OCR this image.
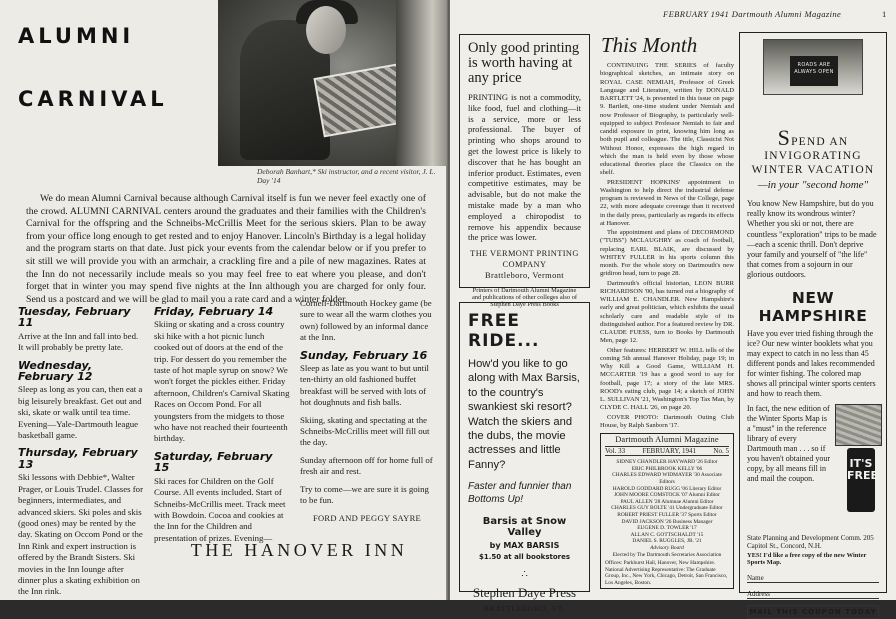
ALUMNI
CARNIVAL
Deborah Banhart,* Ski instructor, and a recent visitor, J. L. Day '14

We do mean Alumni Carnival because although Carnival itself is fun we never feel exactly one of the crowd. ALUMNI CARNIVAL centers around the graduates and their families with the Children's Carnival for the offspring and the Schneibs-McCrillis Meet for the serious skiers. Plan to be away from your office long enough to get rested and to enjoy Hanover. Lincoln's Birthday is a legal holiday and the program starts on that date. Just pick your events from the calendar below or if you prefer to sit still we will provide you with an armchair, a crackling fire and a pile of new magazines. Rates at the Inn do not necessarily include meals so you may feel free to eat where you please, and don't forget that in winter you may spend five nights at the Inn although you are charged for only four. Send us a postcard and we will be glad to mail you a rate card and a winter folder.

Tuesday, February 11

Arrive at the Inn and fall into bed. It will probably be pretty late.

Wednesday, February 12

Sleep as long as you can, then eat a big leisurely breakfast. Get out and ski, skate or walk until tea time. Evening—Yale-Dartmouth league basketball game.

Thursday, February 13

Ski lessons with Debbie*, Walter Prager, or Louis Trudel. Classes for beginners, intermediates, and advanced skiers. Ski poles and skis (good ones) may be rented by the day. Skating on Occom Pond or the Inn Rink and expert instruction is offered by the Brandt Sisters. Ski movies in the Inn lounge after dinner plus a skating exhibition on the Inn rink.

Friday, February 14

Skiing or skating and a cross country ski hike with a hot picnic lunch cooked out of doors at the end of the trip. For dessert do you remember the taste of hot maple syrup on snow? We won't forget the pickles either. Friday afternoon, Children's Carnival Skating Races on Occom Pond. For all youngsters from the midgets to those who have not reached their fourteenth birthday.

Saturday, February 15

Ski races for Children on the Golf Course. All events included. Start of Schneibs-McCrillis meet. Track meet with Bowdoin. Cocoa and cookies at the Inn for the Children and presentation of prizes. Evening—

Cornell-Dartmouth Hockey game (be sure to wear all the warm clothes you own) followed by an informal dance at the Inn.

Sunday, February 16

Sleep as late as you want to but until ten-thirty an old fashioned buffet breakfast will be served with lots of hot doughnuts and fish balls.

Skiing, skating and spectating at the Schneibs-McCrillis meet will fill out the day.

Sunday afternoon off for home full of fresh air and rest.

Try to come—we are sure it is going to be fun.

FORD AND PEGGY SAYRE
THE HANOVER INN
FEBRUARY 1941 Dartmouth Alumni Magazine	1
Only good printing is worth having at any price
PRINTING is not a commodity, like food, fuel and clothing—it is a service, more or less professional. The buyer of printing who shops around to get the lowest price is likely to discover that he has bought an inferior product. Estimates, even competitive estimates, may be advisable, but do not make the mistake made by a man who employed a chiropodist to remove his appendix because the price was lower.
THE VERMONT PRINTING COMPANY
Brattleboro, Vermont
Printers of Dartmouth Alumni Magazine and publications of other colleges also of Stephen Daye Press Books
FREE RIDE...
How'd you like to go along with Max Barsis, to the country's swankiest ski resort? Watch the skiers and the dubs, the movie actresses and little Fanny?
Faster and funnier than Bottoms Up!
Barsis at Snow Valley
by MAX BARSIS
$1.50 at all bookstores
∴
Stephen Daye Press
BRATTLEBORO, VT.
This Month

CONTINUING THE SERIES of faculty biographical sketches, an intimate story on ROYAL CASE NEMIAH, Professor of Greek Language and Literature, written by DONALD BARTLETT '24, is presented in this issue on page 9. Bartlett, one-time student under Nemiah and now Professor of Biography, is particularly well-equipped to subject Professor Nemiah to fair and candid exposure in print, knowing him long as both pupil and colleague. The title, Classicist Not Without Honor, expresses the high regard in which the man is held even by those whose educational theories place the Classics on the shelf.

PRESIDENT HOPKINS' appointment to Washington to help direct the industrial defense program is reviewed in News of the College, page 22, with more adequate coverage than it received in the daily press, particularly as regards its effects at Hanover.

The appointment and plans of DECORMOND ("TUBS") MCLAUGHRY as coach of football, replacing EARL BLAIK, are discussed by WHITEY FULLER in his sports column this month. For the whole story on Dartmouth's new gridiron head, turn to page 28.

Dartmouth's official historian, LEON BURR RICHARDSON '00, has turned out a biography of WILLIAM E. CHANDLER. New Hampshire's early and great politician, which exhibits the usual scholarly care and readable style of its distinguished author. For a featured review by DR. CLAUDE FUESS, turn to Books by Dartmouth Men, page 12.

Other features: HERBERT W. HILL tells of the coming 5th annual Hanover Holiday, page 19; in Why Kill a Good Game, WILLIAM H. MCCARTER '19 has a good word to say for football, page 17; a story of the late MRS. ROOD's eating club, page 14; a sketch of JOHN L. SULLIVAN '21, Washington's Top Tax Man, by CLYDE C. HALL '26, on page 20.

COVER PHOTO: Dartmouth Outing Club House, by Ralph Sanborn '17.

Dartmouth Alumni Magazine
Vol. 33 FEBRUARY, 1941 No. 5
SIDNEY CHANDLER HAYWARD '26 Editor
ERIC PHILBROOK KELLY '06
CHARLES EDWARD WIDMAYER '30 Associate Editors
HAROLD GODDARD RUGG '06 Literary Editor
JOHN MOORE COMSTOCK '07 Alumni Editor
PAUL ALLEN '28 Alumnae Alumni Editor
CHARLES GUY BOLTE '41 Undergraduate Editor
ROBERT PRIEST FULLER '37 Sports Editor
DAVID JACKSON '26 Business Manager
EUGENE D. TOWLER '17
ALLAN C. GOTTSCHALDT '15
DANIEL S. RUGGLES, JR. '21
Advisory Board
Elected by The Dartmouth Secretaries Association
Offices: Parkhurst Hall, Hanover, New Hampshire. National Advertising Representative: The Graduate Group, Inc., New York, Chicago, Detroit, San Francisco, Los Angeles, Boston.
ROADS ARE ALWAYS OPEN
SPEND AN INVIGORATING WINTER VACATION
—in your "second home"
You know New Hampshire, but do you really know its wondrous winter? Whether you ski or not, there are countless "exploration" trips to be made—each a scenic thrill. Don't deprive your family and yourself of "the life" that comes from a sojourn in our glorious outdoors.
NEW HAMPSHIRE
Have you ever tried fishing through the ice? Our new winter booklets what you may expect to catch in no less than 45 different ponds and lakes recommended for winter fishing. The colored map shows all principal winter sports centers and how to reach them.
In fact, the new edition of the Winter Sports Map is a "must" in the reference library of every Dartmouth man . . . so if you haven't obtained your copy, by all means fill in and mail the coupon.
IT'S FREE
State Planning and Development Comm. 205 Capitol St., Concord, N.H.
YES! I'd like a free copy of the new Winter Sports Map.
Name
Address
MAIL THIS COUPON TODAY
